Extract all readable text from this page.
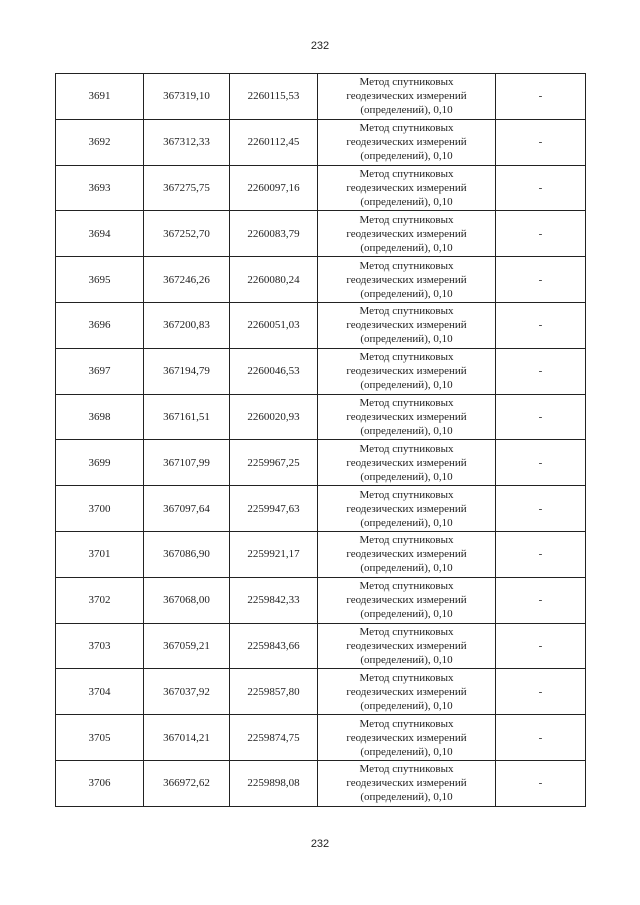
232
3691	367319,10	2260115,53	Метод спутниковых
геодезических измерений
(определений), 0,10	-
3692	367312,33	2260112,45	Метод спутниковых
геодезических измерений
(определений), 0,10	-
3693	367275,75	2260097,16	Метод спутниковых
геодезических измерений
(определений), 0,10	-
3694	367252,70	2260083,79	Метод спутниковых
геодезических измерений
(определений), 0,10	-
3695	367246,26	2260080,24	Метод спутниковых
геодезических измерений
(определений), 0,10	-
3696	367200,83	2260051,03	Метод спутниковых
геодезических измерений
(определений), 0,10	-
3697	367194,79	2260046,53	Метод спутниковых
геодезических измерений
(определений), 0,10	-
3698	367161,51	2260020,93	Метод спутниковых
геодезических измерений
(определений), 0,10	-
3699	367107,99	2259967,25	Метод спутниковых
геодезических измерений
(определений), 0,10	-
3700	367097,64	2259947,63	Метод спутниковых
геодезических измерений
(определений), 0,10	-
3701	367086,90	2259921,17	Метод спутниковых
геодезических измерений
(определений), 0,10	-
3702	367068,00	2259842,33	Метод спутниковых
геодезических измерений
(определений), 0,10	-
3703	367059,21	2259843,66	Метод спутниковых
геодезических измерений
(определений), 0,10	-
3704	367037,92	2259857,80	Метод спутниковых
геодезических измерений
(определений), 0,10	-
3705	367014,21	2259874,75	Метод спутниковых
геодезических измерений
(определений), 0,10	-
3706	366972,62	2259898,08	Метод спутниковых
геодезических измерений
(определений), 0,10	-
232
